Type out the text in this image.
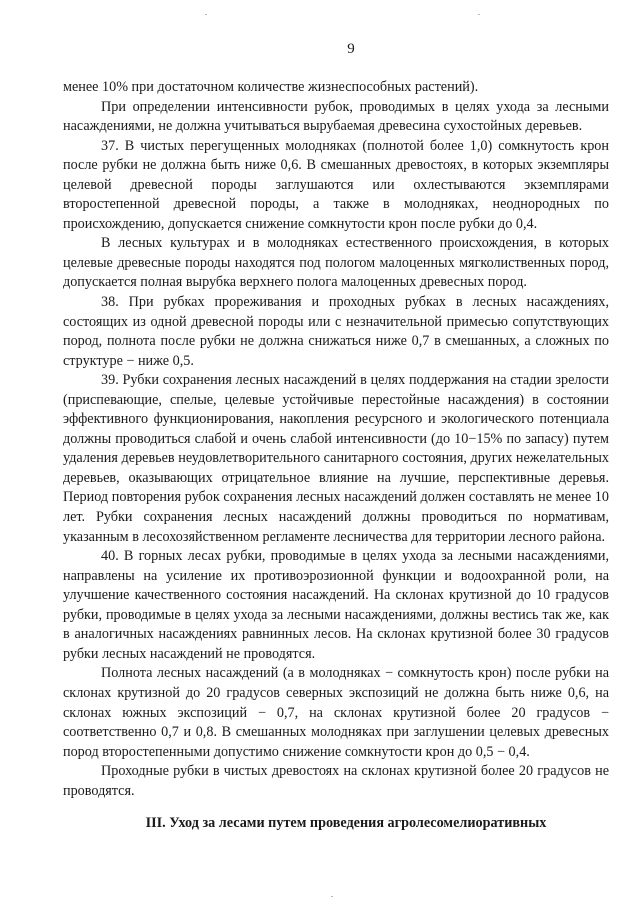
9

менее 10% при достаточном количестве жизнеспособных растений).

При определении интенсивности рубок, проводимых в целях ухода за лесными насаждениями, не должна учитываться вырубаемая древесина сухостойных деревьев.

37. В чистых перегущенных молодняках (полнотой более 1,0) сомкнутость крон после рубки не должна быть ниже 0,6. В смешанных древостоях, в которых экземпляры целевой древесной породы заглушаются или охлестываются экземплярами второстепенной древесной породы, а также в молодняках, неоднородных по происхождению, допускается снижение сомкнутости крон после рубки до 0,4.

В лесных культурах и в молодняках естественного происхождения, в которых целевые древесные породы находятся под пологом малоценных мягколиственных пород, допускается полная вырубка верхнего полога малоценных древесных пород.

38. При рубках прореживания и проходных рубках в лесных насаждениях, состоящих из одной древесной породы или с незначительной примесью сопутствующих пород, полнота после рубки не должна снижаться ниже 0,7 в смешанных, а сложных по структуре − ниже 0,5.

39. Рубки сохранения лесных насаждений в целях поддержания на стадии зрелости (приспевающие, спелые, целевые устойчивые перестойные насаждения) в состоянии эффективного функционирования, накопления ресурсного и экологического потенциала должны проводиться слабой и очень слабой интенсивности (до 10−15% по запасу) путем удаления деревьев неудовлетворительного санитарного состояния, других нежелательных деревьев, оказывающих отрицательное влияние на лучшие, перспективные деревья. Период повторения рубок сохранения лесных насаждений должен составлять не менее 10 лет. Рубки сохранения лесных насаждений должны проводиться по нормативам, указанным в лесохозяйственном регламенте лесничества для территории лесного района.

40. В горных лесах рубки, проводимые в целях ухода за лесными насаждениями, направлены на усиление их противоэрозионной функции и водоохранной роли, на улучшение качественного состояния насаждений. На склонах крутизной до 10 градусов рубки, проводимые в целях ухода за лесными насаждениями, должны вестись так же, как в аналогичных насаждениях равнинных лесов. На склонах крутизной более 30 градусов рубки лесных насаждений не проводятся.

Полнота лесных насаждений (а в молодняках − сомкнутость крон) после рубки на склонах крутизной до 20 градусов северных экспозиций не должна быть ниже 0,6, на склонах южных экспозиций − 0,7, на склонах крутизной более 20 градусов − соответственно 0,7 и 0,8. В смешанных молодняках при заглушении целевых древесных пород второстепенными допустимо снижение сомкнутости крон до 0,5 − 0,4.

Проходные рубки в чистых древостоях на склонах крутизной более 20 градусов не проводятся.

III. Уход за лесами путем проведения агролесомелиоративных
